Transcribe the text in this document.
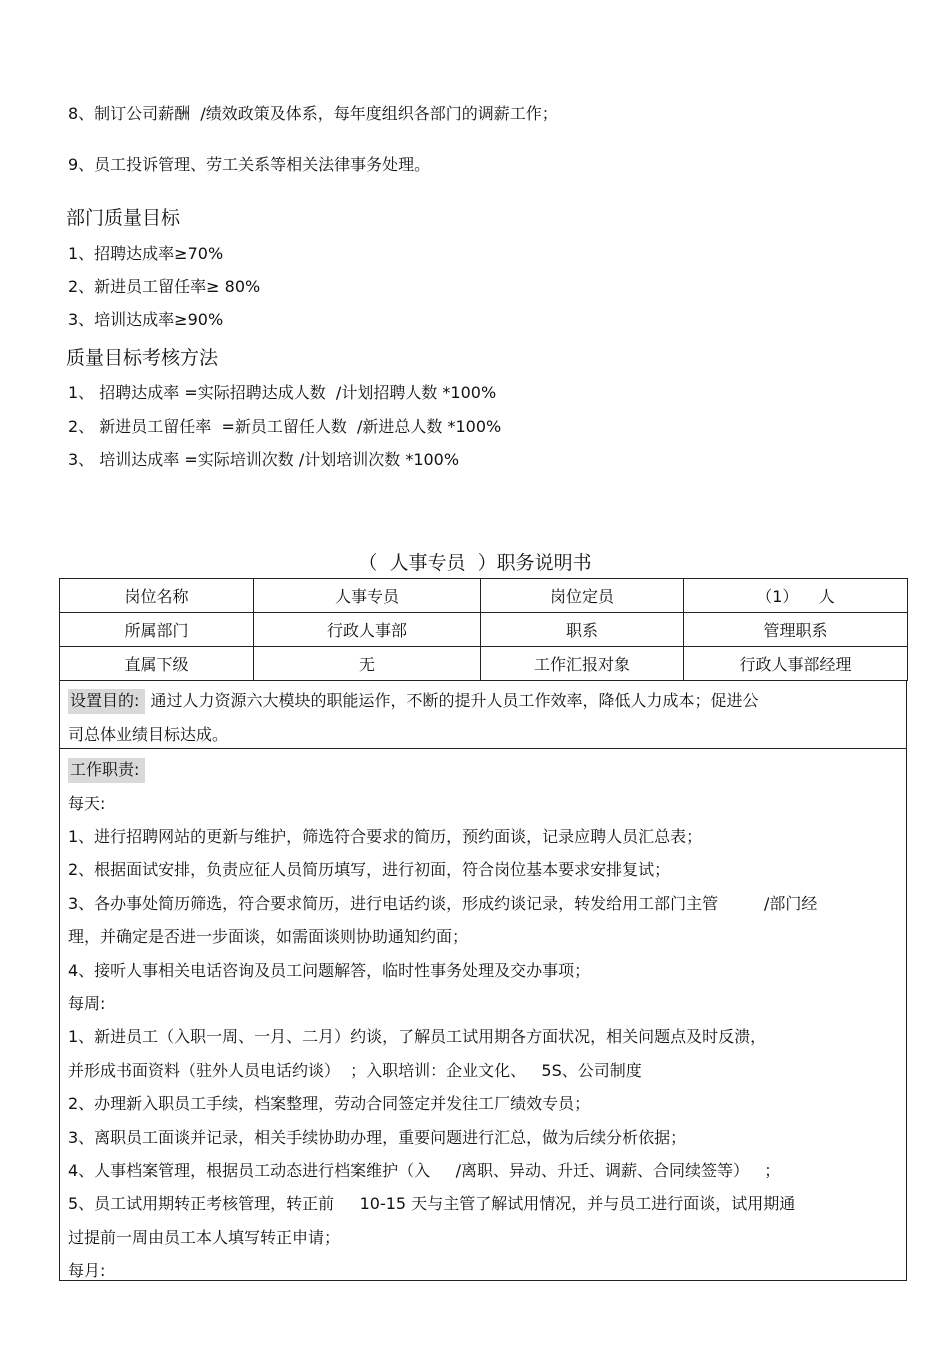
8、制订公司薪酬  /绩效政策及体系，每年度组织各部门的调薪工作；
9、员工投诉管理、劳工关系等相关法律事务处理。
部门质量目标
1、招聘达成率≥70%
2、新进员工留任率≥ 80%
3、培训达成率≥90%
质量目标考核方法
1、 招聘达成率 =实际招聘达成人数  /计划招聘人数 *100%
2、 新进员工留任率  =新员工留任人数  /新进总人数 *100%
3、 培训达成率 =实际培训次数 /计划培训次数 *100%
（  人事专员  ）职务说明书
岗位名称	人事专员	岗位定员	（1）    人
所属部门	行政人事部	职系	管理职系
直属下级	无	工作汇报对象	行政人事部经理
设置目的: 通过人力资源六大模块的职能运作，不断的提升人员工作效率，降低人力成本；促进公
司总体业绩目标达成。
工作职责:
每天:
1、进行招聘网站的更新与维护，筛选符合要求的简历，预约面谈，记录应聘人员汇总表；
2、根据面试安排，负责应征人员简历填写，进行初面，符合岗位基本要求安排复试；
3、各办事处简历筛选，符合要求简历，进行电话约谈，形成约谈记录，转发给用工部门主管         /部门经
理，并确定是否进一步面谈，如需面谈则协助通知约面；
4、接听人事相关电话咨询及员工问题解答，临时性事务处理及交办事项；
每周:
1、新进员工（入职一周、一月、二月）约谈，了解员工试用期各方面状况，相关问题点及时反溃，
并形成书面资料（驻外人员电话约谈）  ；入职培训：企业文化、   5S、公司制度
2、办理新入职员工手续，档案整理，劳动合同签定并发往工厂绩效专员；
3、离职员工面谈并记录，相关手续协助办理，重要问题进行汇总，做为后续分析依据；
4、人事档案管理，根据员工动态进行档案维护（入     /离职、异动、升迁、调薪、合同续签等）   ；
5、员工试用期转正考核管理，转正前     10-15 天与主管了解试用情况，并与员工进行面谈，试用期通
过提前一周由员工本人填写转正申请；
每月:
